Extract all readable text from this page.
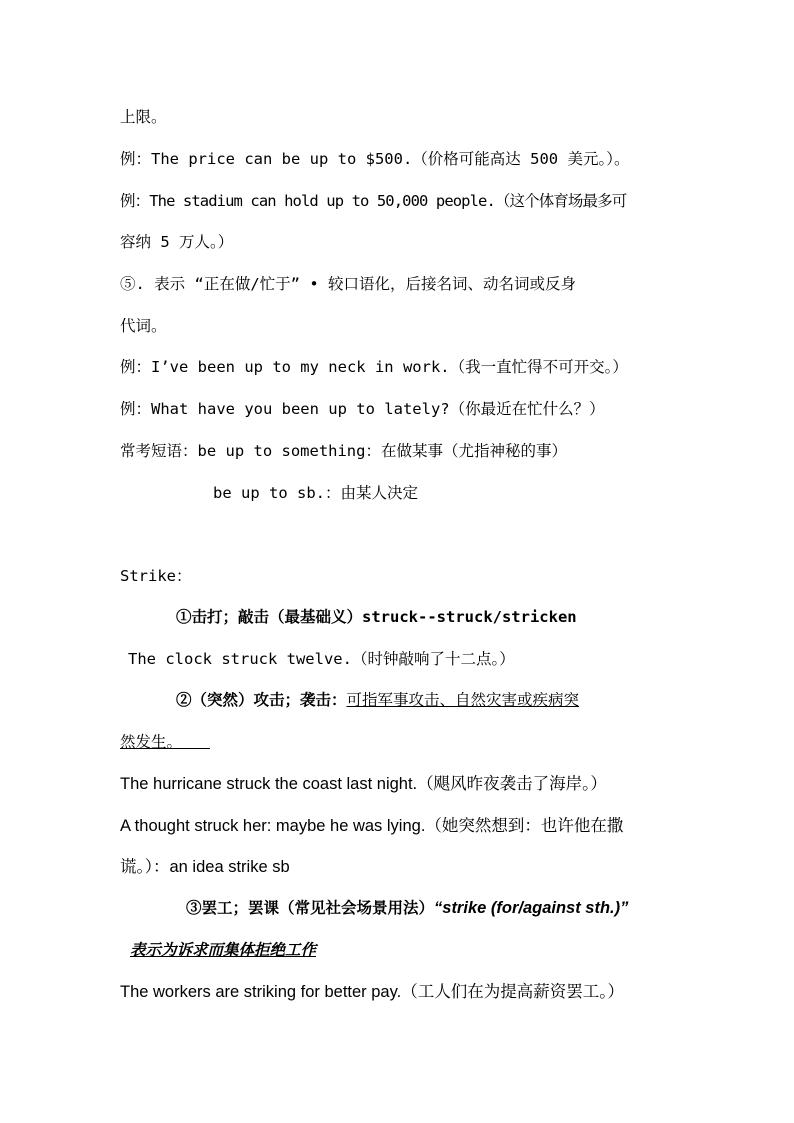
上限。
例：The price can be up to $500.（价格可能高达 500 美元。）。
例：The stadium can hold up to 50,000 people.（这个体育场最多可
容纳 5 万人。）
⑤. 表示 “正在做/忙于” • 较口语化，后接名词、动名词或反身
代词。
例：I’ve been up to my neck in work.（我一直忙得不可开交。）
例：What have you been up to lately?（你最近在忙什么？）
常考短语：be up to something：在做某事（尤指神秘的事）
be up to sb.：由某人决定
Strike：
①击打；敲击（最基础义）struck--struck/stricken
The clock struck twelve.（时钟敲响了十二点。）
②（突然）攻击；袭击：可指军事攻击、自然灾害或疾病突
然发生。
The hurricane struck the coast last night.（飓风昨夜袭击了海岸。）
A thought struck her: maybe he was lying.（她突然想到：也许他在撒
谎。）：an idea strike sb
③罢工；罢课（常见社会场景用法）“strike (for/against sth.)”
表示为诉求而集体拒绝工作
The workers are striking for better pay.（工人们在为提高薪资罢工。）
